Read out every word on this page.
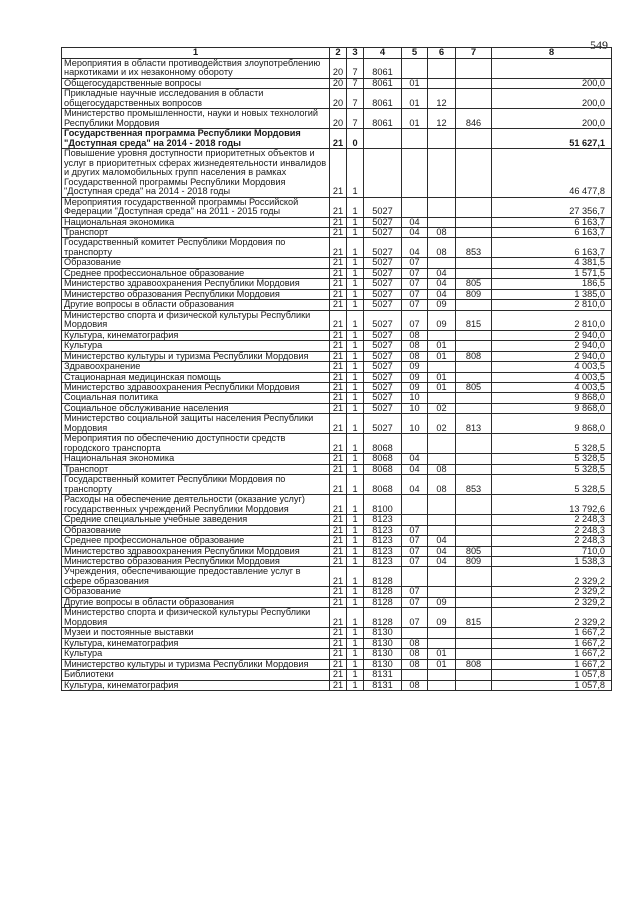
549
1	2	3	4	5	6	7	8
Мероприятия в области противодействия злоупотреблению наркотиками и их незаконному обороту	20	7	8061				
Общегосударственные вопросы	20	7	8061	01			200,0
Прикладные научные исследования в области общегосударственных вопросов	20	7	8061	01	12		200,0
Министерство промышленности, науки и новых технологий Республики Мордовия	20	7	8061	01	12	846	200,0
Государственная программа Республики Мордовия "Доступная среда" на 2014 - 2018 годы	21	0					51 627,1
Повышение уровня доступности приоритетных объектов и услуг в приоритетных сферах жизнедеятельности инвалидов и других маломобильных групп населения в рамках Государственной программы Республики Мордовия "Доступная среда" на 2014 - 2018 годы	21	1					46 477,8
Мероприятия государственной программы Российской Федерации "Доступная среда" на 2011 - 2015 годы	21	1	5027				27 356,7
Национальная экономика	21	1	5027	04			6 163,7
Транспорт	21	1	5027	04	08		6 163,7
Государственный комитет Республики Мордовия по транспорту	21	1	5027	04	08	853	6 163,7
Образование	21	1	5027	07			4 381,5
Среднее профессиональное образование	21	1	5027	07	04		1 571,5
Министерство здравоохранения Республики Мордовия	21	1	5027	07	04	805	186,5
Министерство образования Республики Мордовия	21	1	5027	07	04	809	1 385,0
Другие вопросы в области образования	21	1	5027	07	09		2 810,0
Министерство спорта и физической культуры Республики Мордовия	21	1	5027	07	09	815	2 810,0
Культура, кинематография	21	1	5027	08			2 940,0
Культура	21	1	5027	08	01		2 940,0
Министерство культуры и туризма Республики Мордовия	21	1	5027	08	01	808	2 940,0
Здравоохранение	21	1	5027	09			4 003,5
Стационарная медицинская помощь	21	1	5027	09	01		4 003,5
Министерство здравоохранения Республики Мордовия	21	1	5027	09	01	805	4 003,5
Социальная политика	21	1	5027	10			9 868,0
Социальное обслуживание населения	21	1	5027	10	02		9 868,0
Министерство социальной защиты населения Республики Мордовия	21	1	5027	10	02	813	9 868,0
Мероприятия по обеспечению доступности средств городского транспорта	21	1	8068				5 328,5
Национальная экономика	21	1	8068	04			5 328,5
Транспорт	21	1	8068	04	08		5 328,5
Государственный комитет Республики Мордовия по транспорту	21	1	8068	04	08	853	5 328,5
Расходы на обеспечение деятельности (оказание услуг) государственных учреждений Республики Мордовия	21	1	8100				13 792,6
Средние специальные учебные заведения	21	1	8123				2 248,3
Образование	21	1	8123	07			2 248,3
Среднее профессиональное образование	21	1	8123	07	04		2 248,3
Министерство здравоохранения Республики Мордовия	21	1	8123	07	04	805	710,0
Министерство образования Республики Мордовия	21	1	8123	07	04	809	1 538,3
Учреждения, обеспечивающие предоставление услуг в сфере образования	21	1	8128				2 329,2
Образование	21	1	8128	07			2 329,2
Другие вопросы в области образования	21	1	8128	07	09		2 329,2
Министерство спорта и физической культуры Республики Мордовия	21	1	8128	07	09	815	2 329,2
Музеи и постоянные выставки	21	1	8130				1 667,2
Культура, кинематография	21	1	8130	08			1 667,2
Культура	21	1	8130	08	01		1 667,2
Министерство культуры и туризма Республики Мордовия	21	1	8130	08	01	808	1 667,2
Библиотеки	21	1	8131				1 057,8
Культура, кинематография	21	1	8131	08			1 057,8
